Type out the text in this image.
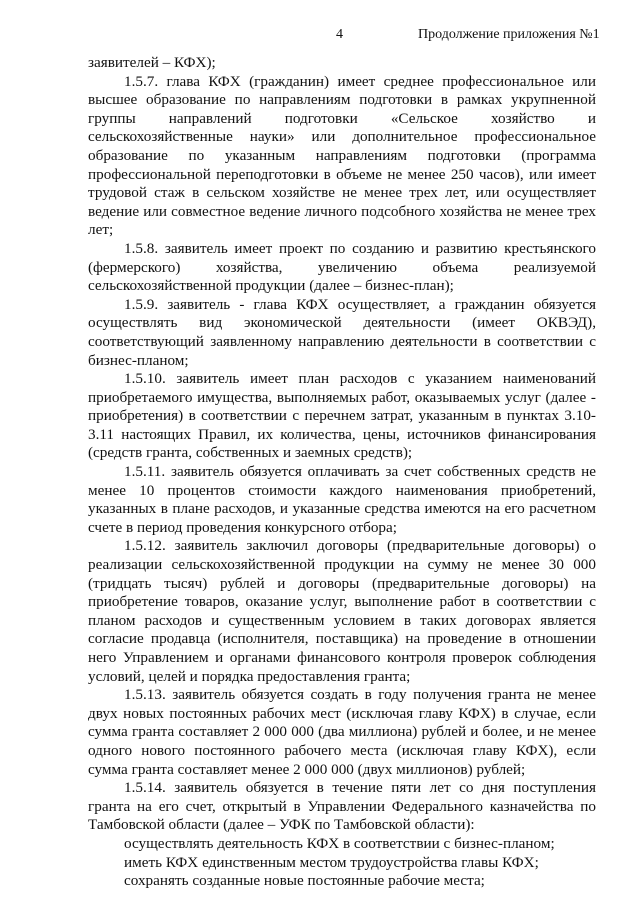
4	Продолжение приложения №1

заявителей – КФХ);

1.5.7. глава КФХ (гражданин) имеет среднее профессиональное или высшее образование по направлениям подготовки в рамках укрупненной группы направлений подготовки «Сельское хозяйство и сельскохозяйственные науки» или дополнительное профессиональное образование по указанным направлениям подготовки (программа профессиональной переподготовки в объеме не менее 250 часов), или имеет трудовой стаж в сельском хозяйстве не менее трех лет, или осуществляет ведение или совместное ведение личного подсобного хозяйства не менее трех лет;

1.5.8. заявитель имеет проект по созданию и развитию крестьянского (фермерского) хозяйства, увеличению объема реализуемой сельскохозяйственной продукции (далее – бизнес-план);

1.5.9. заявитель - глава КФХ осуществляет, а гражданин обязуется осуществлять вид экономической деятельности (имеет ОКВЭД), соответствующий заявленному направлению деятельности в соответствии с бизнес-планом;

1.5.10. заявитель имеет план расходов с указанием наименований приобретаемого имущества, выполняемых работ, оказываемых услуг (далее - приобретения) в соответствии с перечнем затрат, указанным в пунктах 3.10-3.11 настоящих Правил, их количества, цены, источников финансирования (средств гранта, собственных и заемных средств);

1.5.11. заявитель обязуется оплачивать за счет собственных средств не менее 10 процентов стоимости каждого наименования приобретений, указанных в плане расходов, и указанные средства имеются на его расчетном счете в период проведения конкурсного отбора;

1.5.12. заявитель заключил договоры (предварительные договоры) о реализации сельскохозяйственной продукции на сумму не менее 30 000 (тридцать тысяч) рублей и договоры (предварительные договоры) на приобретение товаров, оказание услуг, выполнение работ в соответствии с планом расходов и существенным условием в таких договорах является согласие продавца (исполнителя, поставщика) на проведение в отношении него Управлением и органами финансового контроля проверок соблюдения условий, целей и порядка предоставления гранта;

1.5.13. заявитель обязуется создать в году получения гранта не менее двух новых постоянных рабочих мест (исключая главу КФХ) в случае, если сумма гранта составляет 2 000 000 (два миллиона) рублей и более, и не менее одного нового постоянного рабочего места (исключая главу КФХ), если сумма гранта составляет менее 2 000 000 (двух миллионов) рублей;

1.5.14. заявитель обязуется в течение пяти лет со дня поступления гранта на его счет, открытый в Управлении Федерального казначейства по Тамбовской области (далее – УФК по Тамбовской области):

осуществлять деятельность КФХ в соответствии с бизнес-планом;

иметь КФХ единственным местом трудоустройства главы КФХ;

сохранять созданные новые постоянные рабочие места;
